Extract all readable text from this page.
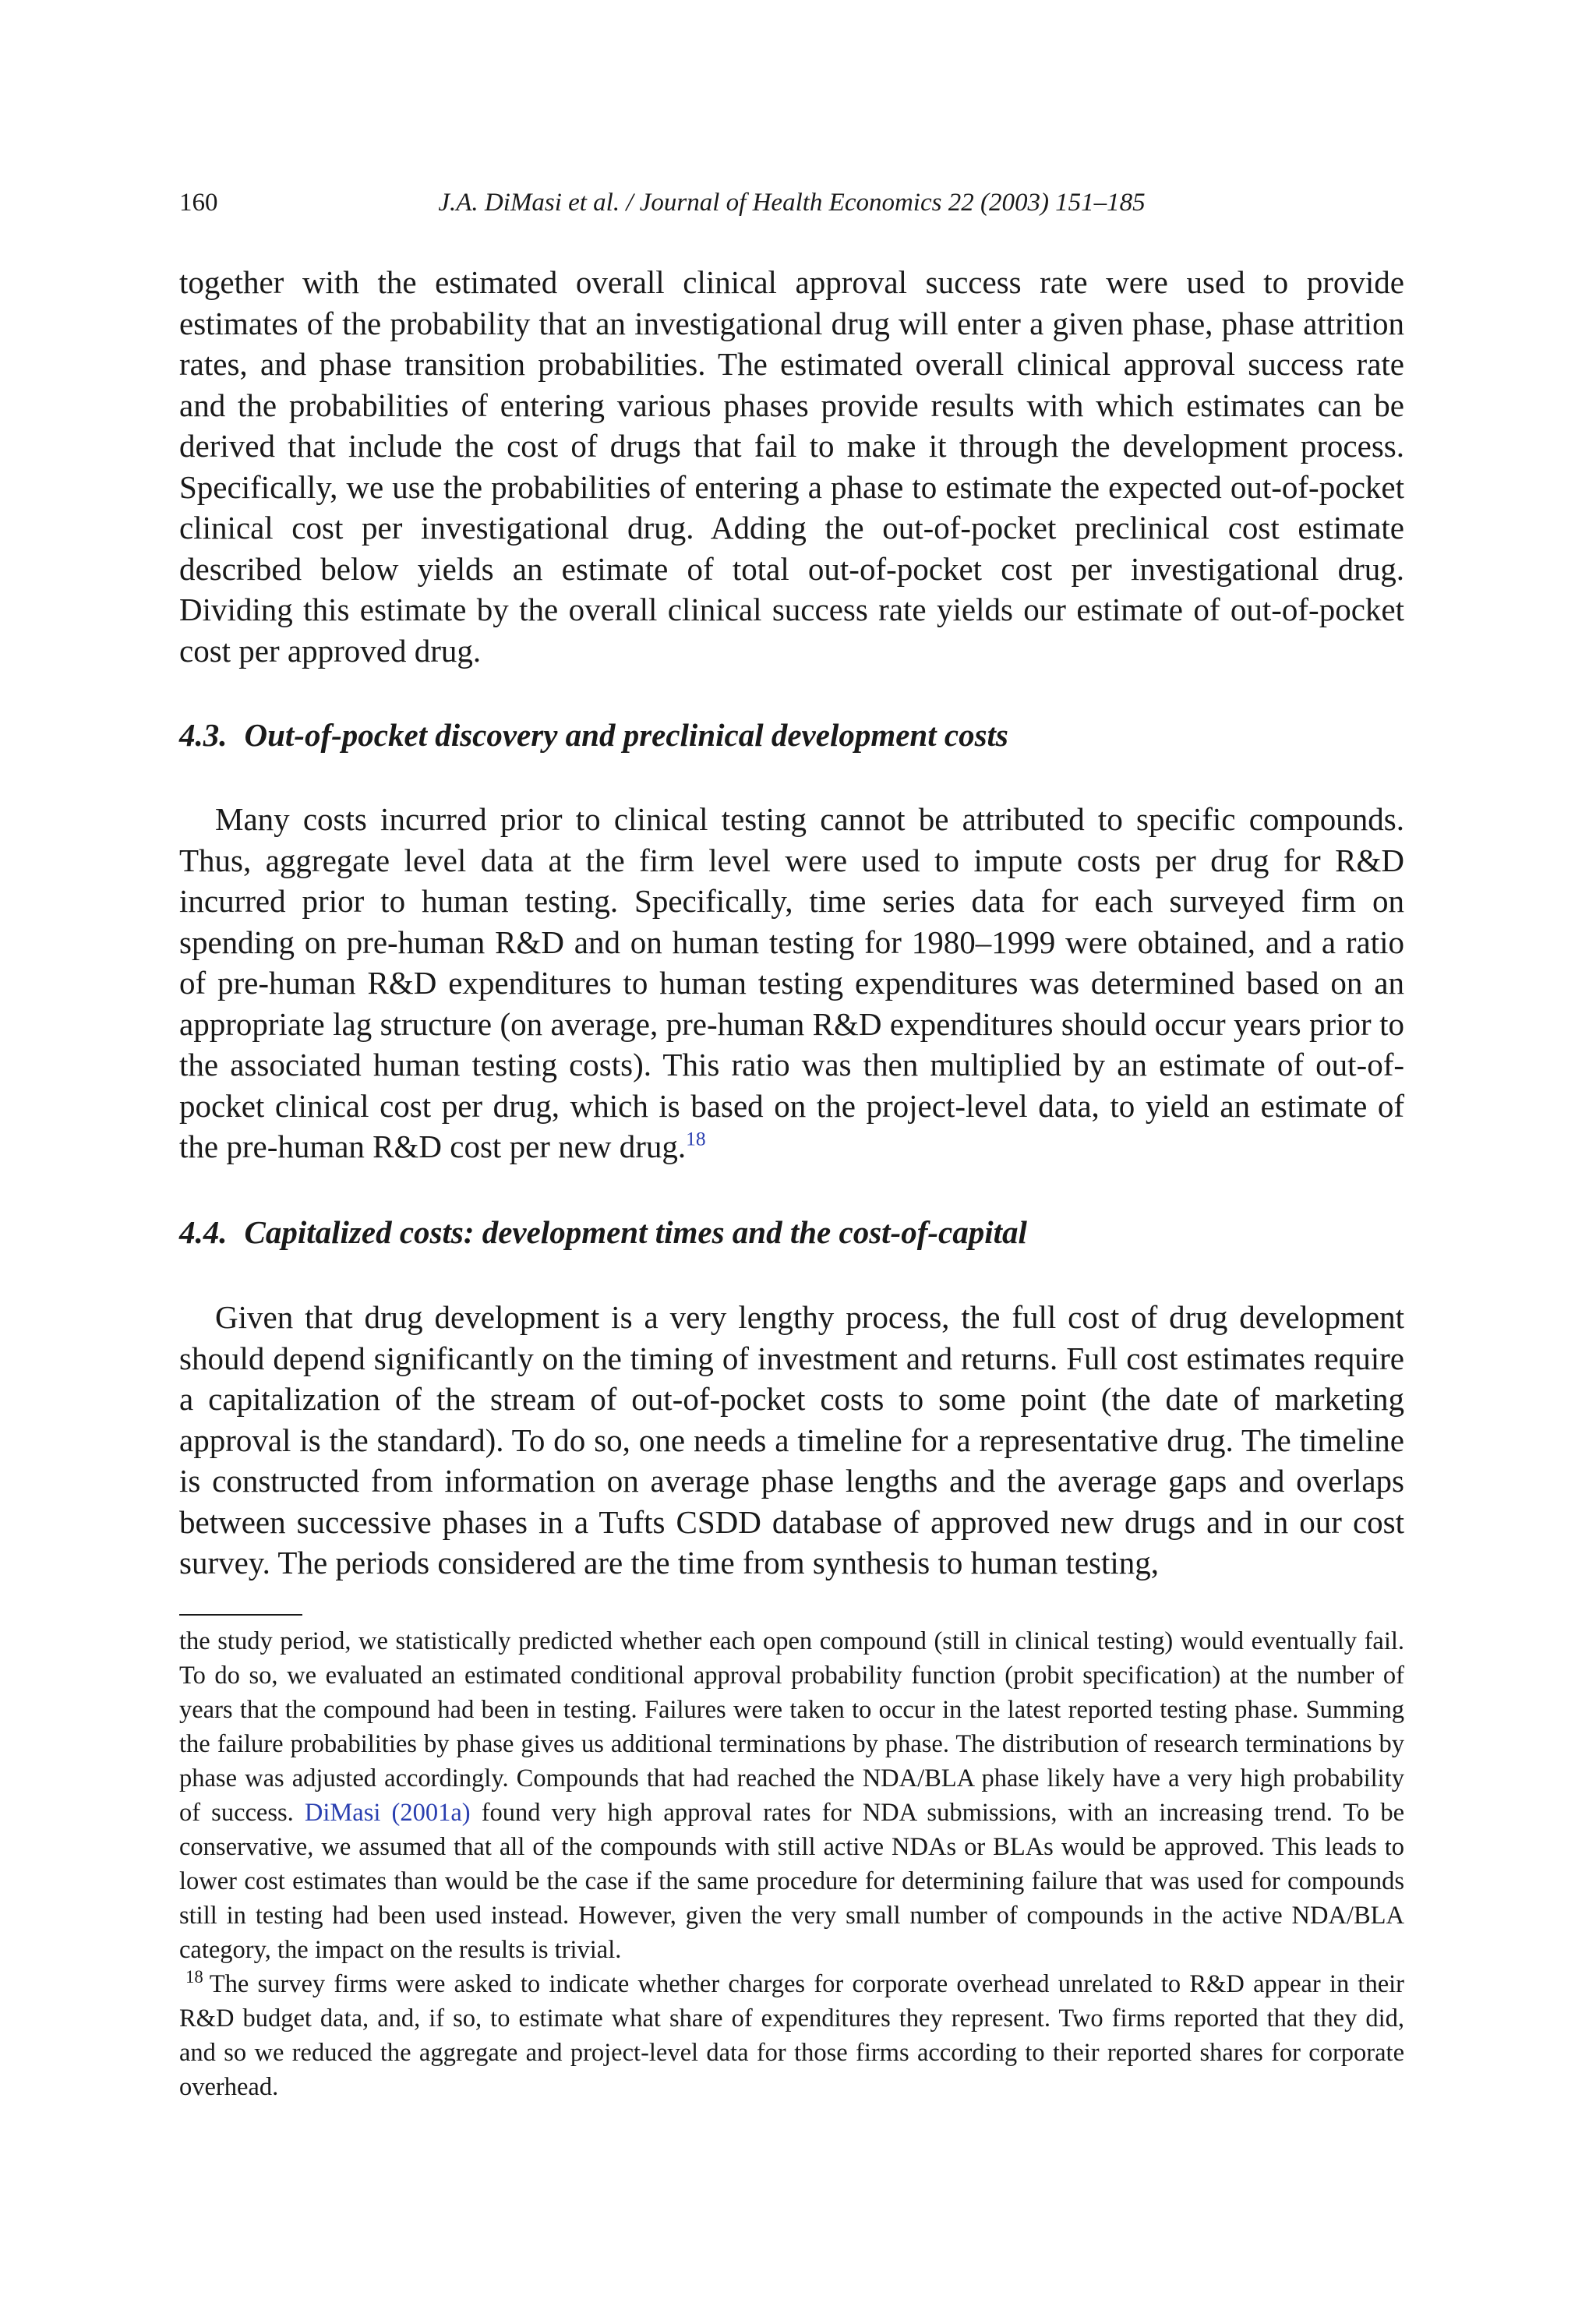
160	J.A. DiMasi et al. / Journal of Health Economics 22 (2003) 151–185

together with the estimated overall clinical approval success rate were used to provide estimates of the probability that an investigational drug will enter a given phase, phase attrition rates, and phase transition probabilities. The estimated overall clinical approval success rate and the probabilities of entering various phases provide results with which estimates can be derived that include the cost of drugs that fail to make it through the development process. Specifically, we use the probabilities of entering a phase to estimate the expected out-of-pocket clinical cost per investigational drug. Adding the out-of-pocket preclinical cost estimate described below yields an estimate of total out-of-pocket cost per investigational drug. Dividing this estimate by the overall clinical success rate yields our estimate of out-of-pocket cost per approved drug.

4.3. Out-of-pocket discovery and preclinical development costs

Many costs incurred prior to clinical testing cannot be attributed to specific compounds. Thus, aggregate level data at the firm level were used to impute costs per drug for R&D incurred prior to human testing. Specifically, time series data for each surveyed firm on spending on pre-human R&D and on human testing for 1980–1999 were obtained, and a ratio of pre-human R&D expenditures to human testing expenditures was determined based on an appropriate lag structure (on average, pre-human R&D expenditures should occur years prior to the associated human testing costs). This ratio was then multiplied by an estimate of out-of-pocket clinical cost per drug, which is based on the project-level data, to yield an estimate of the pre-human R&D cost per new drug.$^{18}$

4.4. Capitalized costs: development times and the cost-of-capital

Given that drug development is a very lengthy process, the full cost of drug development should depend significantly on the timing of investment and returns. Full cost estimates require a capitalization of the stream of out-of-pocket costs to some point (the date of marketing approval is the standard). To do so, one needs a timeline for a representative drug. The timeline is constructed from information on average phase lengths and the average gaps and overlaps between successive phases in a Tufts CSDD database of approved new drugs and in our cost survey. The periods considered are the time from synthesis to human testing,

the study period, we statistically predicted whether each open compound (still in clinical testing) would eventually fail. To do so, we evaluated an estimated conditional approval probability function (probit specification) at the number of years that the compound had been in testing. Failures were taken to occur in the latest reported testing phase. Summing the failure probabilities by phase gives us additional terminations by phase. The distribution of research terminations by phase was adjusted accordingly. Compounds that had reached the NDA/BLA phase likely have a very high probability of success. DiMasi (2001a) found very high approval rates for NDA submissions, with an increasing trend. To be conservative, we assumed that all of the compounds with still active NDAs or BLAs would be approved. This leads to lower cost estimates than would be the case if the same procedure for determining failure that was used for compounds still in testing had been used instead. However, given the very small number of compounds in the active NDA/BLA category, the impact on the results is trivial.

$^{18}$ The survey firms were asked to indicate whether charges for corporate overhead unrelated to R&D appear in their R&D budget data, and, if so, to estimate what share of expenditures they represent. Two firms reported that they did, and so we reduced the aggregate and project-level data for those firms according to their reported shares for corporate overhead.
